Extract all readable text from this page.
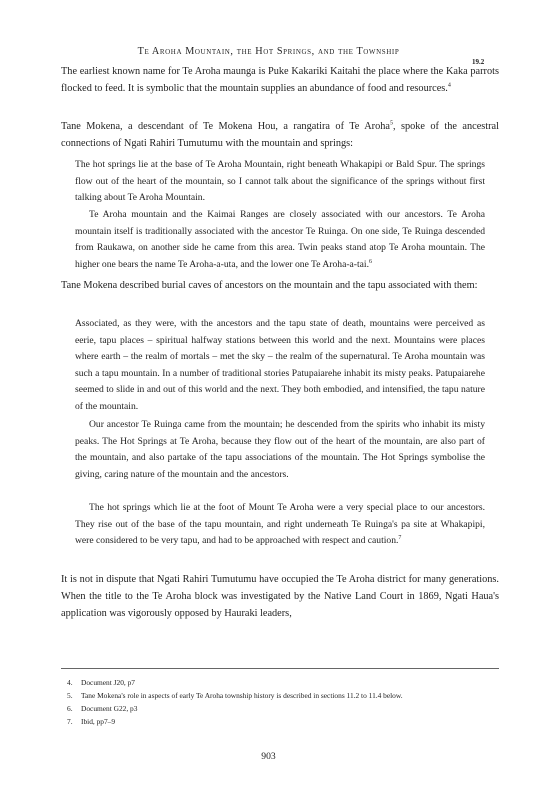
Te Aroha Mountain, the Hot Springs, and the Township
19.2

The earliest known name for Te Aroha maunga is Puke Kakariki Kaitahi the place where the Kaka parrots flocked to feed. It is symbolic that the mountain supplies an abundance of food and resources.$^4$

Tane Mokena, a descendant of Te Mokena Hou, a rangatira of Te Aroha$^5$, spoke of the ancestral connections of Ngati Rahiri Tumutumu with the mountain and springs:

The hot springs lie at the base of Te Aroha Mountain, right beneath Whakapipi or Bald Spur. The springs flow out of the heart of the mountain, so I cannot talk about the significance of the springs without first talking about Te Aroha Mountain.

Te Aroha mountain and the Kaimai Ranges are closely associated with our ancestors. Te Aroha mountain itself is traditionally associated with the ancestor Te Ruinga. On one side, Te Ruinga descended from Raukawa, on another side he came from this area. Twin peaks stand atop Te Aroha mountain. The higher one bears the name Te Aroha-a-uta, and the lower one Te Aroha-a-tai.$^6$

Tane Mokena described burial caves of ancestors on the mountain and the tapu associated with them:

Associated, as they were, with the ancestors and the tapu state of death, mountains were perceived as eerie, tapu places – spiritual halfway stations between this world and the next. Mountains were places where earth – the realm of mortals – met the sky – the realm of the supernatural. Te Aroha mountain was such a tapu mountain. In a number of traditional stories Patupaiarehe inhabit its misty peaks. Patupaiarehe seemed to slide in and out of this world and the next. They both embodied, and intensified, the tapu nature of the mountain.

Our ancestor Te Ruinga came from the mountain; he descended from the spirits who inhabit its misty peaks. The Hot Springs at Te Aroha, because they flow out of the heart of the mountain, are also part of the mountain, and also partake of the tapu associations of the mountain. The Hot Springs symbolise the giving, caring nature of the mountain and the ancestors.

The hot springs which lie at the foot of Mount Te Aroha were a very special place to our ancestors. They rise out of the base of the tapu mountain, and right underneath Te Ruinga's pa site at Whakapipi, were considered to be very tapu, and had to be approached with respect and caution.$^7$

It is not in dispute that Ngati Rahiri Tumutumu have occupied the Te Aroha district for many generations. When the title to the Te Aroha block was investigated by the Native Land Court in 1869, Ngati Haua's application was vigorously opposed by Hauraki leaders,

4. Document J20, p7

5. Tane Mokena's role in aspects of early Te Aroha township history is described in sections 11.2 to 11.4 below.

6. Document G22, p3

7. Ibid, pp7–9

903
